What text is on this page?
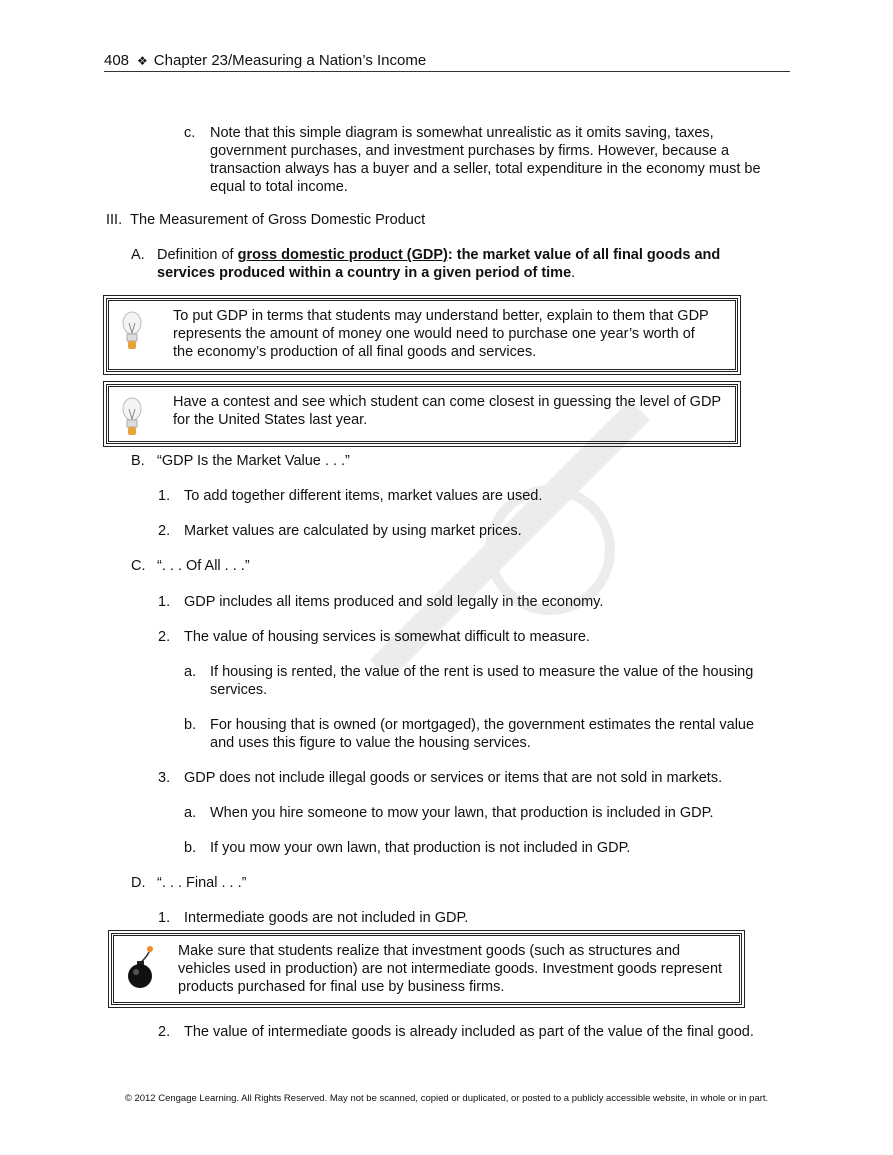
408 ❖ Chapter 23/Measuring a Nation’s Income
c. Note that this simple diagram is somewhat unrealistic as it omits saving, taxes,
government purchases, and investment purchases by firms. However, because a
transaction always has a buyer and a seller, total expenditure in the economy must be
equal to total income.
III. The Measurement of Gross Domestic Product
A. Definition of gross domestic product (GDP): the market value of all final goods and
services produced within a country in a given period of time.
To put GDP in terms that students may understand better, explain to them that GDP
represents the amount of money one would need to purchase one year’s worth of
the economy’s production of all final goods and services.
Have a contest and see which student can come closest in guessing the level of GDP
for the United States last year.
B. “GDP Is the Market Value . . .”
1. To add together different items, market values are used.
2. Market values are calculated by using market prices.
C. “. . . Of All . . .”
1. GDP includes all items produced and sold legally in the economy.
2. The value of housing services is somewhat difficult to measure.
a. If housing is rented, the value of the rent is used to measure the value of the housing
services.
b. For housing that is owned (or mortgaged), the government estimates the rental value
and uses this figure to value the housing services.
3. GDP does not include illegal goods or services or items that are not sold in markets.
a. When you hire someone to mow your lawn, that production is included in GDP.
b. If you mow your own lawn, that production is not included in GDP.
D. “. . . Final . . .”
1. Intermediate goods are not included in GDP.
Make sure that students realize that investment goods (such as structures and
vehicles used in production) are not intermediate goods. Investment goods represent
products purchased for final use by business firms.
2. The value of intermediate goods is already included as part of the value of the final good.
© 2012 Cengage Learning. All Rights Reserved. May not be scanned, copied or duplicated, or posted to a publicly accessible website, in whole or in part.
